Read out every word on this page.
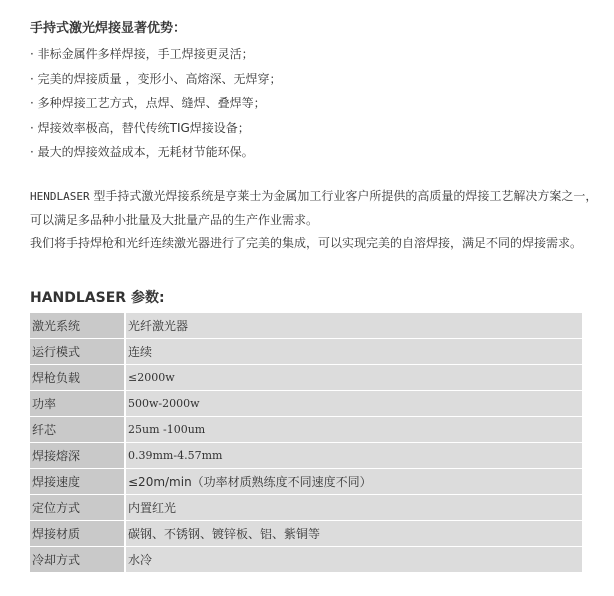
手持式激光焊接显著优势：
· 非标金属件多样焊接，手工焊接更灵活；
· 完美的焊接质量 ，变形小、高熔深、无焊穿；
· 多种焊接工艺方式，点焊、缝焊、叠焊等；
· 焊接效率极高，替代传统TIG焊接设备；
· 最大的焊接效益成本，无耗材节能环保。

HENDLASER 型手持式激光焊接系统是亨莱士为金属加工行业客户所提供的高质量的焊接工艺解决方案之一，

可以满足多品种小批量及大批量产品的生产作业需求。

我们将手持焊枪和光纤连续激光器进行了完美的集成，可以实现完美的自溶焊接，满足不同的焊接需求。

HANDLASER 参数:
激光系统	光纤激光器
运行模式	连续
焊枪负载	≤2000w
功率	500w-2000w
纤芯	25um -100um
焊接熔深	0.39mm-4.57mm
焊接速度	≤20m/min（功率材质熟练度不同速度不同）
定位方式	内置红光
焊接材质	碳钢、不锈钢、镀锌板、铝、紫铜等
冷却方式	水冷
